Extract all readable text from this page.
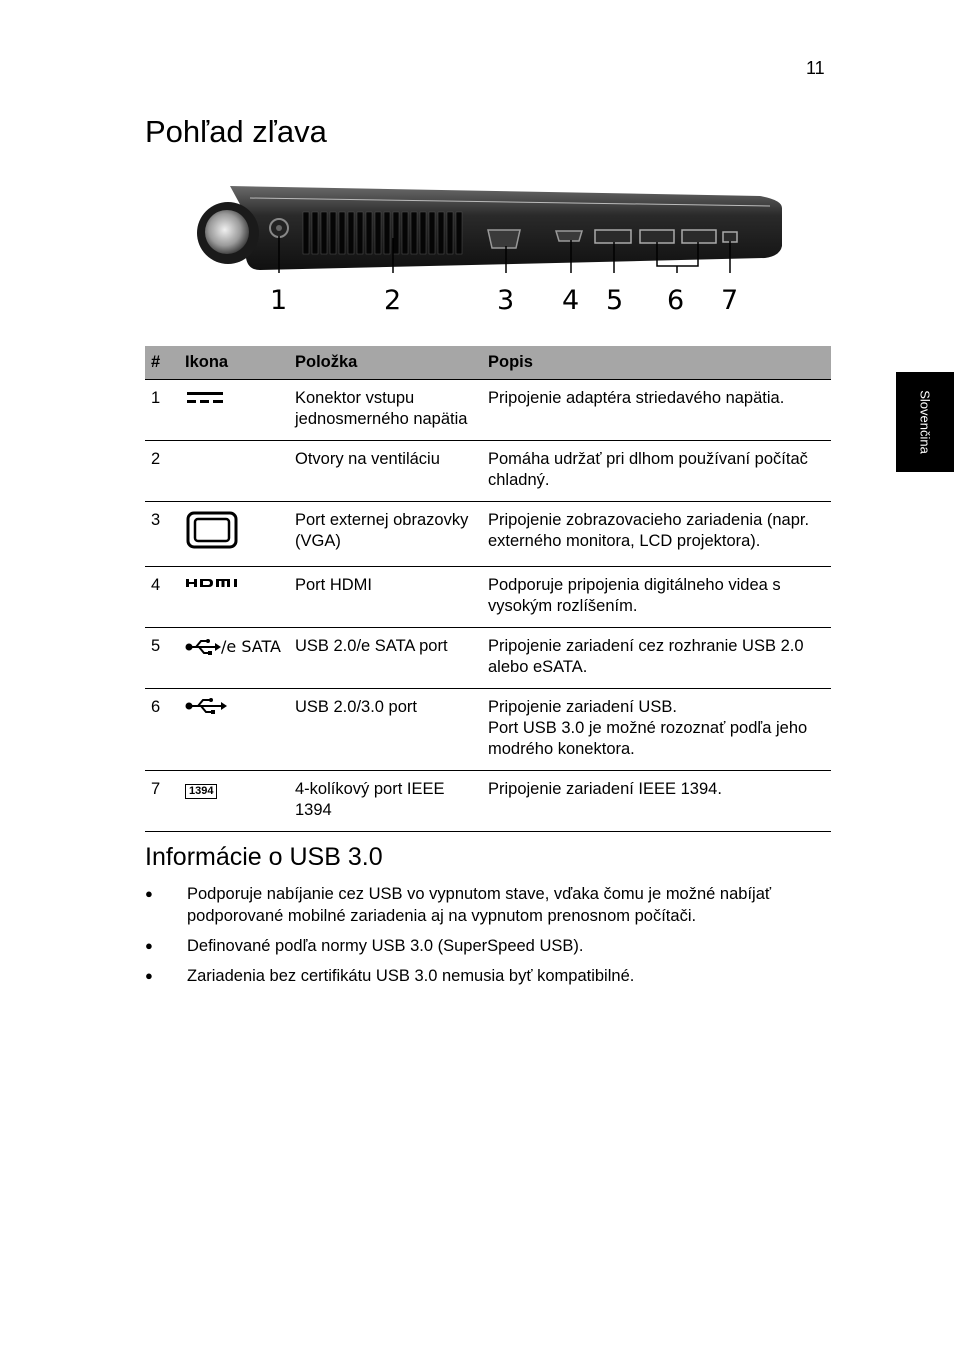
11
Pohľad zľava
Slovenčina
1	2	3 4 5 6 7
#	Ikona	Položka	Popis
1		Konektor vstupu jednosmerného napätia	Pripojenie adaptéra striedavého napätia.
2		Otvory na ventiláciu	Pomáha udržať pri dlhom používaní počítač chladný.
3		Port externej obrazovky (VGA)	Pripojenie zobrazovacieho zariadenia (napr. externého monitora, LCD projektora).
4		Port HDMI	Podporuje pripojenia digitálneho videa s vysokým rozlíšením.
5	/e SATA	USB 2.0/e SATA port	Pripojenie zariadení cez rozhranie USB 2.0 alebo eSATA.
6		USB 2.0/3.0 port	Pripojenie zariadení USB.
Port USB 3.0 je možné rozoznať podľa jeho modrého konektora.

7	1394	4-kolíkový port IEEE 1394	Pripojenie zariadení IEEE 1394.
Informácie o USB 3.0
● Podporuje nabíjanie cez USB vo vypnutom stave, vďaka čomu je možné nabíjať podporované mobilné zariadenia aj na vypnutom prenosnom počítači.
● Definované podľa normy USB 3.0 (SuperSpeed USB).
● Zariadenia bez certifikátu USB 3.0 nemusia byť kompatibilné.
